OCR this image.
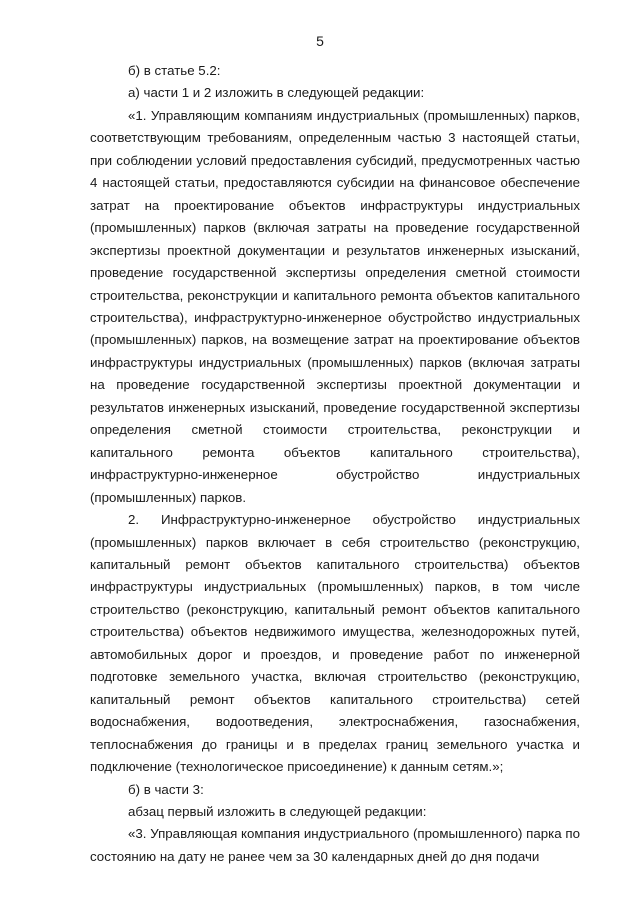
5

б) в статье 5.2:

а) части 1 и 2 изложить в следующей редакции:

«1. Управляющим компаниям индустриальных (промышленных) парков, соответствующим требованиям, определенным частью 3 настоящей статьи, при соблюдении условий предоставления субсидий, предусмотренных частью 4 настоящей статьи, предоставляются субсидии на финансовое обеспечение затрат на проектирование объектов инфраструктуры индустриальных (промышленных) парков (включая затраты на проведение государственной экспертизы проектной документации и результатов инженерных изысканий, проведение государственной экспертизы определения сметной стоимости строительства, реконструкции и капитального ремонта объектов капитального строительства), инфраструктурно-инженерное обустройство индустриальных (промышленных) парков, на возмещение затрат на проектирование объектов инфраструктуры индустриальных (промышленных) парков (включая затраты на проведение государственной экспертизы проектной документации и результатов инженерных изысканий, проведение государственной экспертизы определения сметной стоимости строительства, реконструкции и капитального ремонта объектов капитального строительства), инфраструктурно-инженерное обустройство индустриальных (промышленных) парков.

2. Инфраструктурно-инженерное обустройство индустриальных (промышленных) парков включает в себя строительство (реконструкцию, капитальный ремонт объектов капитального строительства) объектов инфраструктуры индустриальных (промышленных) парков, в том числе строительство (реконструкцию, капитальный ремонт объектов капитального строительства) объектов недвижимого имущества, железнодорожных путей, автомобильных дорог и проездов, и проведение работ по инженерной подготовке земельного участка, включая строительство (реконструкцию, капитальный ремонт объектов капитального строительства) сетей водоснабжения, водоотведения, электроснабжения, газоснабжения, теплоснабжения до границы и в пределах границ земельного участка и подключение (технологическое присоединение) к данным сетям.»;

б) в части 3:

абзац первый изложить в следующей редакции:

«3. Управляющая компания индустриального (промышленного) парка по состоянию на дату не ранее чем за 30 календарных дней до дня подачи
